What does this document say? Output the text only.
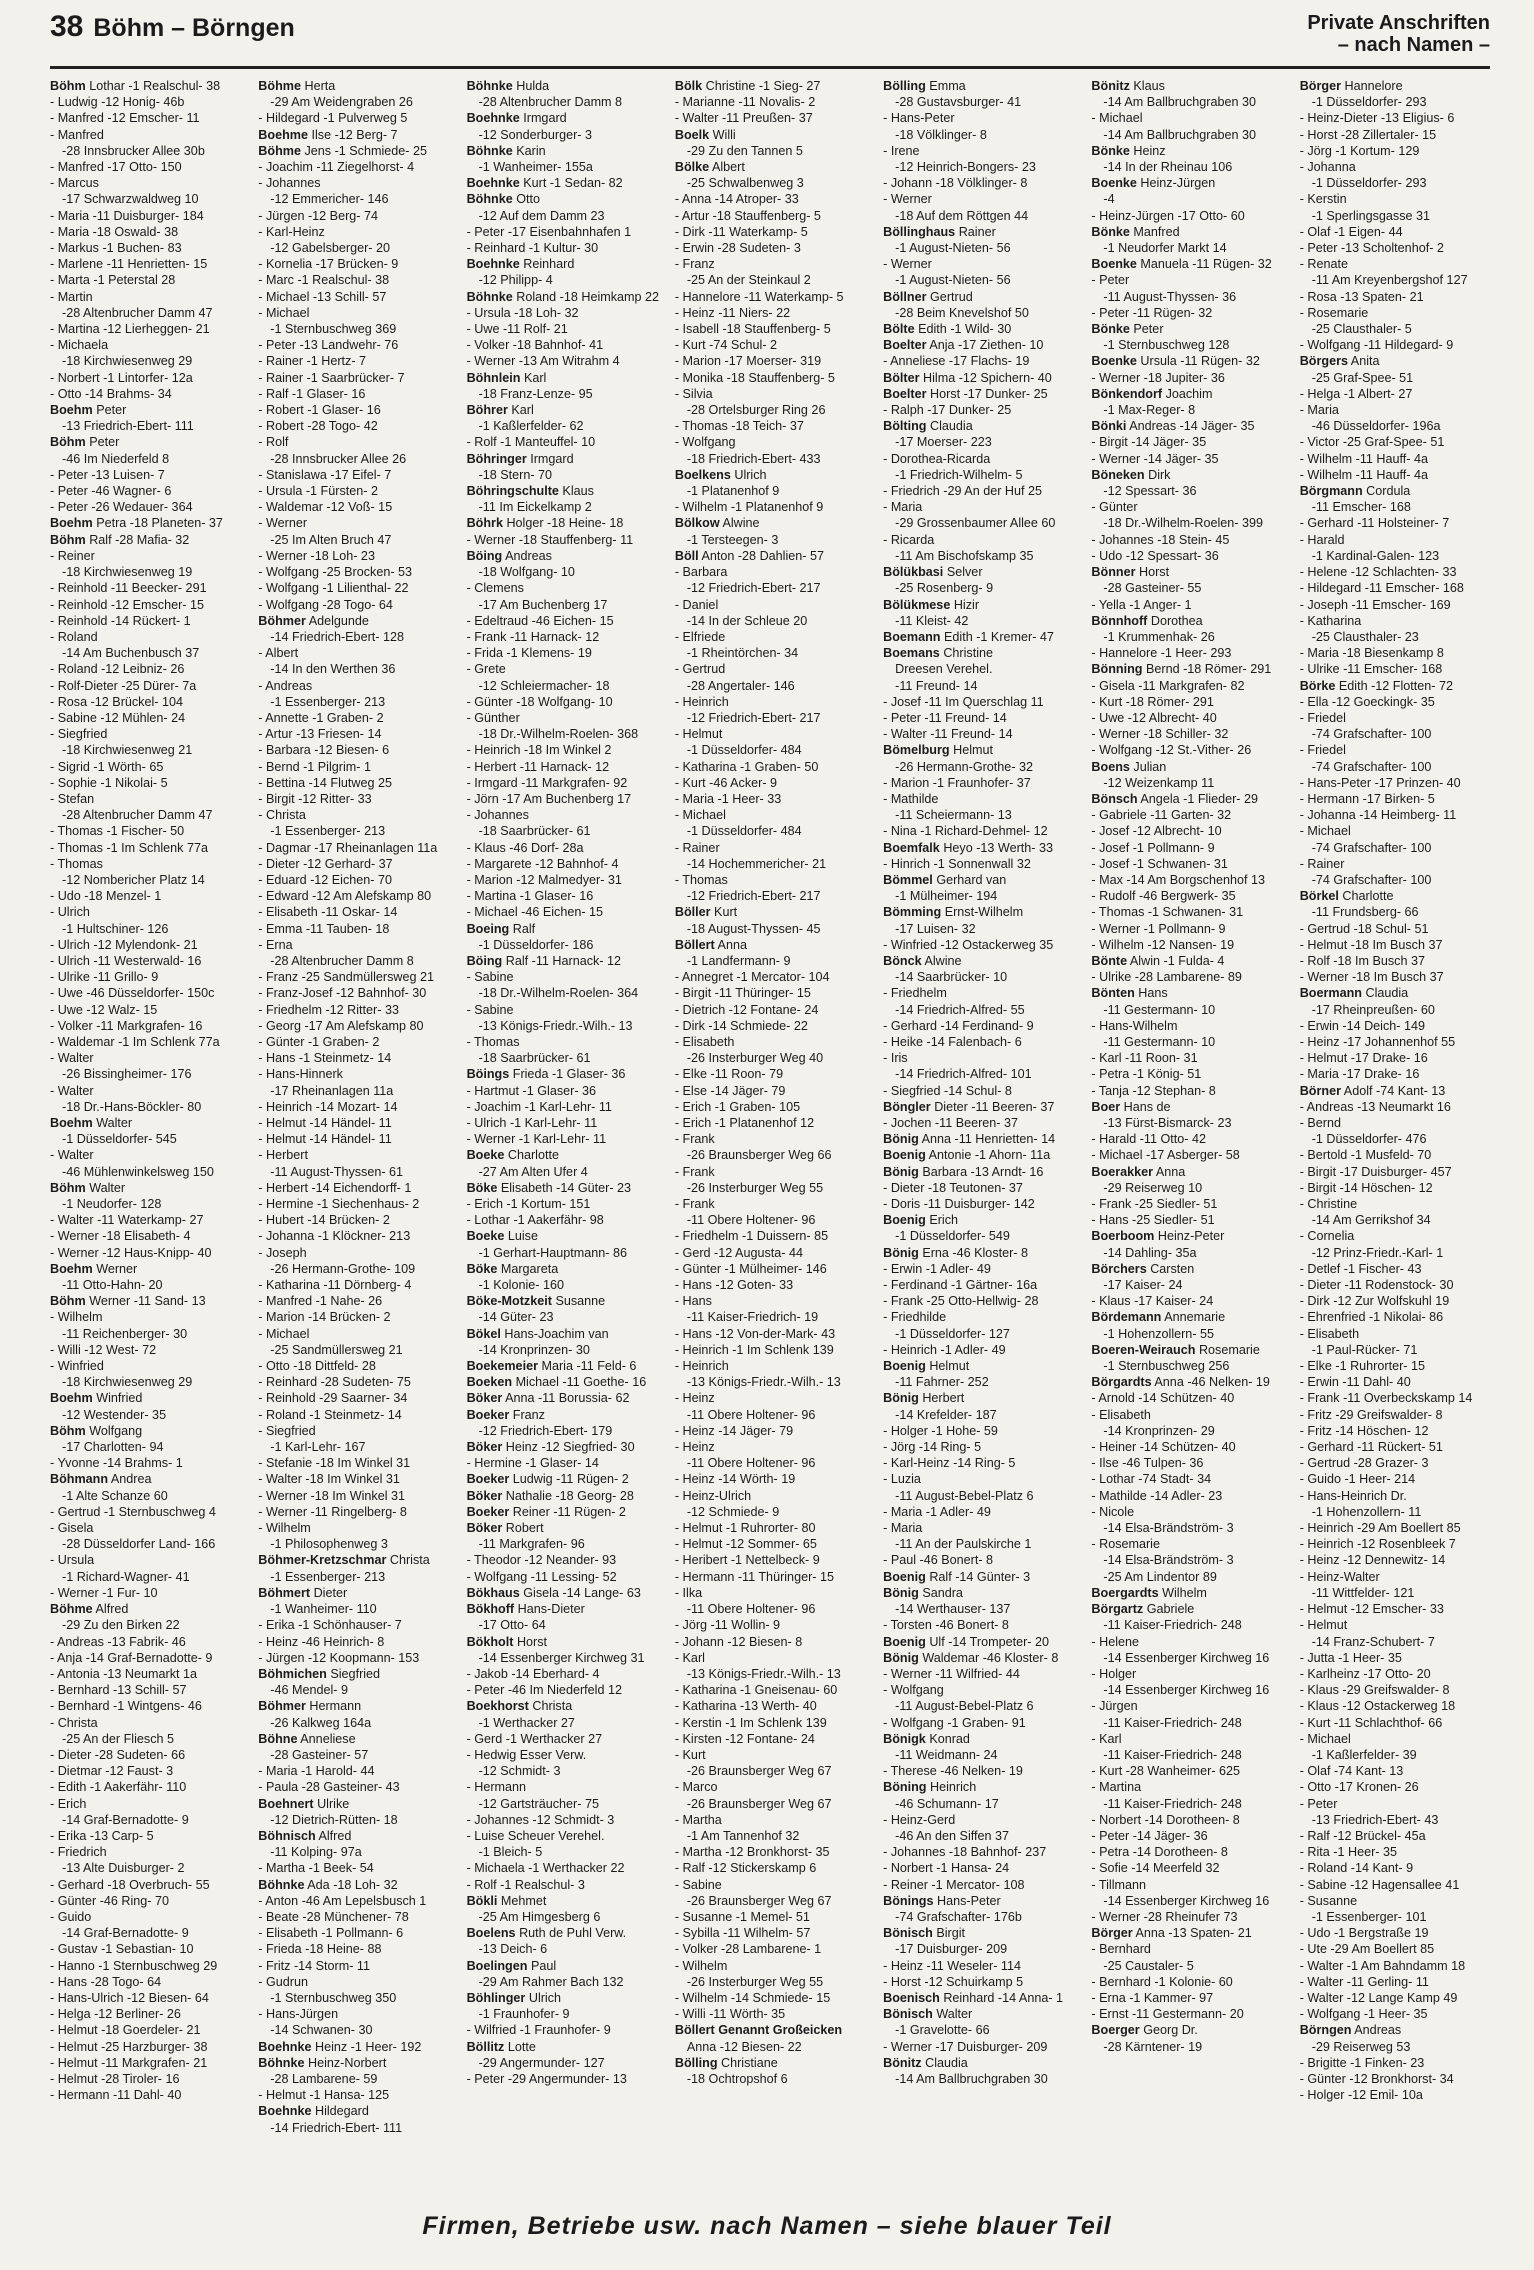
38 Böhm – Börngen	Private Anschriften
– nach Namen –
Böhm Lothar -1 Realschul- 38
- Ludwig -12 Honig- 46b
- Manfred -12 Emscher- 11
- Manfred
-28 Innsbrucker Allee 30b
- Manfred -17 Otto- 150
- Marcus
-17 Schwarzwaldweg 10
- Maria -11 Duisburger- 184
- Maria -18 Oswald- 38
- Markus -1 Buchen- 83
- Marlene -11 Henrietten- 15
- Marta -1 Peterstal 28
- Martin
-28 Altenbrucher Damm 47
- Martina -12 Lierheggen- 21
- Michaela
-18 Kirchwiesenweg 29
- Norbert -1 Lintorfer- 12a
- Otto -14 Brahms- 34
Boehm Peter
-13 Friedrich-Ebert- 111
Böhm Peter
-46 Im Niederfeld 8
- Peter -13 Luisen- 7
- Peter -46 Wagner- 6
- Peter -26 Wedauer- 364
Boehm Petra -18 Planeten- 37
Böhm Ralf -28 Mafia- 32
- Reiner
-18 Kirchwiesenweg 19
- Reinhold -11 Beecker- 291
- Reinhold -12 Emscher- 15
- Reinhold -14 Rückert- 1
- Roland
-14 Am Buchenbusch 37
- Roland -12 Leibniz- 26
- Rolf-Dieter -25 Dürer- 7a
- Rosa -12 Brückel- 104
- Sabine -12 Mühlen- 24
- Siegfried
-18 Kirchwiesenweg 21
- Sigrid -1 Wörth- 65
- Sophie -1 Nikolai- 5
- Stefan
-28 Altenbrucher Damm 47
- Thomas -1 Fischer- 50
- Thomas -1 Im Schlenk 77a
- Thomas
-12 Nombericher Platz 14
- Udo -18 Menzel- 1
- Ulrich
-1 Hultschiner- 126
- Ulrich -12 Mylendonk- 21
- Ulrich -11 Westerwald- 16
- Ulrike -11 Grillo- 9
- Uwe -46 Düsseldorfer- 150c
- Uwe -12 Walz- 15
- Volker -11 Markgrafen- 16
- Waldemar -1 Im Schlenk 77a
- Walter
-26 Bissingheimer- 176
- Walter
-18 Dr.-Hans-Böckler- 80
Boehm Walter
-1 Düsseldorfer- 545
- Walter
-46 Mühlenwinkelsweg 150
Böhm Walter
-1 Neudorfer- 128
- Walter -11 Waterkamp- 27
- Werner -18 Elisabeth- 4
- Werner -12 Haus-Knipp- 40
Boehm Werner
-11 Otto-Hahn- 20
Böhm Werner -11 Sand- 13
- Wilhelm
-11 Reichenberger- 30
- Willi -12 West- 72
- Winfried
-18 Kirchwiesenweg 29
Boehm Winfried
-12 Westender- 35
Böhm Wolfgang
-17 Charlotten- 94
- Yvonne -14 Brahms- 1
Böhmann Andrea
-1 Alte Schanze 60
- Gertrud -1 Sternbuschweg 4
- Gisela
-28 Düsseldorfer Land- 166
- Ursula
-1 Richard-Wagner- 41
- Werner -1 Fur- 10
Böhme Alfred
-29 Zu den Birken 22
- Andreas -13 Fabrik- 46
- Anja -14 Graf-Bernadotte- 9
- Antonia -13 Neumarkt 1a
- Bernhard -13 Schill- 57
- Bernhard -1 Wintgens- 46
- Christa
-25 An der Fliesch 5
- Dieter -28 Sudeten- 66
- Dietmar -12 Faust- 3
- Edith -1 Aakerfähr- 110
- Erich
-14 Graf-Bernadotte- 9
- Erika -13 Carp- 5
- Friedrich
-13 Alte Duisburger- 2
- Gerhard -18 Overbruch- 55
- Günter -46 Ring- 70
- Guido
-14 Graf-Bernadotte- 9
- Gustav -1 Sebastian- 10
- Hanno -1 Sternbuschweg 29
- Hans -28 Togo- 64
- Hans-Ulrich -12 Biesen- 64
- Helga -12 Berliner- 26
- Helmut -18 Goerdeler- 21
- Helmut -25 Harzburger- 38
- Helmut -11 Markgrafen- 21
- Helmut -28 Tiroler- 16
- Hermann -11 Dahl- 40
Böhme Herta
-29 Am Weidengraben 26
- Hildegard -1 Pulverweg 5
Boehme Ilse -12 Berg- 7
Böhme Jens -1 Schmiede- 25
- Joachim -11 Ziegelhorst- 4
- Johannes
-12 Emmericher- 146
- Jürgen -12 Berg- 74
- Karl-Heinz
-12 Gabelsberger- 20
- Kornelia -17 Brücken- 9
- Marc -1 Realschul- 38
- Michael -13 Schill- 57
- Michael
-1 Sternbuschweg 369
- Peter -13 Landwehr- 76
- Rainer -1 Hertz- 7
- Rainer -1 Saarbrücker- 7
- Ralf -1 Glaser- 16
- Robert -1 Glaser- 16
- Robert -28 Togo- 42
- Rolf
-28 Innsbrucker Allee 26
- Stanislawa -17 Eifel- 7
- Ursula -1 Fürsten- 2
- Waldemar -12 Voß- 15
- Werner
-25 Im Alten Bruch 47
- Werner -18 Loh- 23
- Wolfgang -25 Brocken- 53
- Wolfgang -1 Lilienthal- 22
- Wolfgang -28 Togo- 64
Böhmer Adelgunde
-14 Friedrich-Ebert- 128
- Albert
-14 In den Werthen 36
- Andreas
-1 Essenberger- 213
- Annette -1 Graben- 2
- Artur -13 Friesen- 14
- Barbara -12 Biesen- 6
- Bernd -1 Pilgrim- 1
- Bettina -14 Flutweg 25
- Birgit -12 Ritter- 33
- Christa
-1 Essenberger- 213
- Dagmar -17 Rheinanlagen 11a
- Dieter -12 Gerhard- 37
- Eduard -12 Eichen- 70
- Edward -12 Am Alefskamp 80
- Elisabeth -11 Oskar- 14
- Emma -11 Tauben- 18
- Erna
-28 Altenbrucher Damm 8
- Franz -25 Sandmüllersweg 21
- Franz-Josef -12 Bahnhof- 30
- Friedhelm -12 Ritter- 33
- Georg -17 Am Alefskamp 80
- Günter -1 Graben- 2
- Hans -1 Steinmetz- 14
- Hans-Hinnerk
-17 Rheinanlagen 11a
- Heinrich -14 Mozart- 14
- Helmut -14 Händel- 11
- Helmut -14 Händel- 11
- Herbert
-11 August-Thyssen- 61
- Herbert -14 Eichendorff- 1
- Hermine -1 Siechenhaus- 2
- Hubert -14 Brücken- 2
- Johanna -1 Klöckner- 213
- Joseph
-26 Hermann-Grothe- 109
- Katharina -11 Dörnberg- 4
- Manfred -1 Nahe- 26
- Marion -14 Brücken- 2
- Michael
-25 Sandmüllersweg 21
- Otto -18 Dittfeld- 28
- Reinhard -28 Sudeten- 75
- Reinhold -29 Saarner- 34
- Roland -1 Steinmetz- 14
- Siegfried
-1 Karl-Lehr- 167
- Stefanie -18 Im Winkel 31
- Walter -18 Im Winkel 31
- Werner -18 Im Winkel 31
- Werner -11 Ringelberg- 8
- Wilhelm
-1 Philosophenweg 3
Böhmer-Kretzschmar Christa
-1 Essenberger- 213
Böhmert Dieter
-1 Wanheimer- 110
- Erika -1 Schönhauser- 7
- Heinz -46 Heinrich- 8
- Jürgen -12 Koopmann- 153
Böhmichen Siegfried
-46 Mendel- 9
Böhmer Hermann
-26 Kalkweg 164a
Böhne Anneliese
-28 Gasteiner- 57
- Maria -1 Harold- 44
- Paula -28 Gasteiner- 43
Boehnert Ulrike
-12 Dietrich-Rütten- 18
Böhnisch Alfred
-11 Kolping- 97a
- Martha -1 Beek- 54
Böhnke Ada -18 Loh- 32
- Anton -46 Am Lepelsbusch 1
- Beate -28 Münchener- 78
- Elisabeth -1 Pollmann- 6
- Frieda -18 Heine- 88
- Fritz -14 Storm- 11
- Gudrun
-1 Sternbuschweg 350
- Hans-Jürgen
-14 Schwanen- 30
Boehnke Heinz -1 Heer- 192
Böhnke Heinz-Norbert
-28 Lambarene- 59
- Helmut -1 Hansa- 125
Boehnke Hildegard
-14 Friedrich-Ebert- 111
Böhnke Hulda
-28 Altenbrucher Damm 8
Boehnke Irmgard
-12 Sonderburger- 3
Böhnke Karin
-1 Wanheimer- 155a
Boehnke Kurt -1 Sedan- 82
Böhnke Otto
-12 Auf dem Damm 23
- Peter -17 Eisenbahnhafen 1
- Reinhard -1 Kultur- 30
Boehnke Reinhard
-12 Philipp- 4
Böhnke Roland -18 Heimkamp 22
- Ursula -18 Loh- 32
- Uwe -11 Rolf- 21
- Volker -18 Bahnhof- 41
- Werner -13 Am Witrahm 4
Böhnlein Karl
-18 Franz-Lenze- 95
Böhrer Karl
-1 Kaßlerfelder- 62
- Rolf -1 Manteuffel- 10
Böhringer Irmgard
-18 Stern- 70
Böhringschulte Klaus
-11 Im Eickelkamp 2
Böhrk Holger -18 Heine- 18
- Werner -18 Stauffenberg- 11
Böing Andreas
-18 Wolfgang- 10
- Clemens
-17 Am Buchenberg 17
- Edeltraud -46 Eichen- 15
- Frank -11 Harnack- 12
- Frida -1 Klemens- 19
- Grete
-12 Schleiermacher- 18
- Günter -18 Wolfgang- 10
- Günther
-18 Dr.-Wilhelm-Roelen- 368
- Heinrich -18 Im Winkel 2
- Herbert -11 Harnack- 12
- Irmgard -11 Markgrafen- 92
- Jörn -17 Am Buchenberg 17
- Johannes
-18 Saarbrücker- 61
- Klaus -46 Dorf- 28a
- Margarete -12 Bahnhof- 4
- Marion -12 Malmedyer- 31
- Martina -1 Glaser- 16
- Michael -46 Eichen- 15
Boeing Ralf
-1 Düsseldorfer- 186
Böing Ralf -11 Harnack- 12
- Sabine
-18 Dr.-Wilhelm-Roelen- 364
- Sabine
-13 Königs-Friedr.-Wilh.- 13
- Thomas
-18 Saarbrücker- 61
Böings Frieda -1 Glaser- 36
- Hartmut -1 Glaser- 36
- Joachim -1 Karl-Lehr- 11
- Ulrich -1 Karl-Lehr- 11
- Werner -1 Karl-Lehr- 11
Boeke Charlotte
-27 Am Alten Ufer 4
Böke Elisabeth -14 Güter- 23
- Erich -1 Kortum- 151
- Lothar -1 Aakerfähr- 98
Boeke Luise
-1 Gerhart-Hauptmann- 86
Böke Margareta
-1 Kolonie- 160
Böke-Motzkeit Susanne
-14 Güter- 23
Bökel Hans-Joachim van
-14 Kronprinzen- 30
Boekemeier Maria -11 Feld- 6
Boeken Michael -11 Goethe- 16
Böker Anna -11 Borussia- 62
Boeker Franz
-12 Friedrich-Ebert- 179
Böker Heinz -12 Siegfried- 30
- Hermine -1 Glaser- 14
Boeker Ludwig -11 Rügen- 2
Böker Nathalie -18 Georg- 28
Boeker Reiner -11 Rügen- 2
Böker Robert
-11 Markgrafen- 96
- Theodor -12 Neander- 93
- Wolfgang -11 Lessing- 52
Bökhaus Gisela -14 Lange- 63
Bökhoff Hans-Dieter
-17 Otto- 64
Bökholt Horst
-14 Essenberger Kirchweg 31
- Jakob -14 Eberhard- 4
- Peter -46 Im Niederfeld 12
Boekhorst Christa
-1 Werthacker 27
- Gerd -1 Werthacker 27
- Hedwig Esser Verw.
-12 Schmidt- 3
- Hermann
-12 Gartsträucher- 75
- Johannes -12 Schmidt- 3
- Luise Scheuer Verehel.
-1 Bleich- 5
- Michaela -1 Werthacker 22
- Rolf -1 Realschul- 3
Bökli Mehmet
-25 Am Himgesberg 6
Boelens Ruth de Puhl Verw.
-13 Deich- 6
Boelingen Paul
-29 Am Rahmer Bach 132
Böhlinger Ulrich
-1 Fraunhofer- 9
- Wilfried -1 Fraunhofer- 9
Böllitz Lotte
-29 Angermunder- 127
- Peter -29 Angermunder- 13
Bölk Christine -1 Sieg- 27
- Marianne -11 Novalis- 2
- Walter -11 Preußen- 37
Boelk Willi
-29 Zu den Tannen 5
Bölke Albert
-25 Schwalbenweg 3
- Anna -14 Atroper- 33
- Artur -18 Stauffenberg- 5
- Dirk -11 Waterkamp- 5
- Erwin -28 Sudeten- 3
- Franz
-25 An der Steinkaul 2
- Hannelore -11 Waterkamp- 5
- Heinz -11 Niers- 22
- Isabell -18 Stauffenberg- 5
- Kurt -74 Schul- 2
- Marion -17 Moerser- 319
- Monika -18 Stauffenberg- 5
- Silvia
-28 Ortelsburger Ring 26
- Thomas -18 Teich- 37
- Wolfgang
-18 Friedrich-Ebert- 433
Boelkens Ulrich
-1 Platanenhof 9
- Wilhelm -1 Platanenhof 9
Bölkow Alwine
-1 Tersteegen- 3
Böll Anton -28 Dahlien- 57
- Barbara
-12 Friedrich-Ebert- 217
- Daniel
-14 In der Schleue 20
- Elfriede
-1 Rheintörchen- 34
- Gertrud
-28 Angertaler- 146
- Heinrich
-12 Friedrich-Ebert- 217
- Helmut
-1 Düsseldorfer- 484
- Katharina -1 Graben- 50
- Kurt -46 Acker- 9
- Maria -1 Heer- 33
- Michael
-1 Düsseldorfer- 484
- Rainer
-14 Hochemmericher- 21
- Thomas
-12 Friedrich-Ebert- 217
Böller Kurt
-18 August-Thyssen- 45
Böllert Anna
-1 Landfermann- 9
- Annegret -1 Mercator- 104
- Birgit -11 Thüringer- 15
- Dietrich -12 Fontane- 24
- Dirk -14 Schmiede- 22
- Elisabeth
-26 Insterburger Weg 40
- Elke -11 Roon- 79
- Else -14 Jäger- 79
- Erich -1 Graben- 105
- Erich -1 Platanenhof 12
- Frank
-26 Braunsberger Weg 66
- Frank
-26 Insterburger Weg 55
- Frank
-11 Obere Holtener- 96
- Friedhelm -1 Duissern- 85
- Gerd -12 Augusta- 44
- Günter -1 Mülheimer- 146
- Hans -12 Goten- 33
- Hans
-11 Kaiser-Friedrich- 19
- Hans -12 Von-der-Mark- 43
- Heinrich -1 Im Schlenk 139
- Heinrich
-13 Königs-Friedr.-Wilh.- 13
- Heinz
-11 Obere Holtener- 96
- Heinz -14 Jäger- 79
- Heinz
-11 Obere Holtener- 96
- Heinz -14 Wörth- 19
- Heinz-Ulrich
-12 Schmiede- 9
- Helmut -1 Ruhrorter- 80
- Helmut -12 Sommer- 65
- Heribert -1 Nettelbeck- 9
- Hermann -11 Thüringer- 15
- Ilka
-11 Obere Holtener- 96
- Jörg -11 Wollin- 9
- Johann -12 Biesen- 8
- Karl
-13 Königs-Friedr.-Wilh.- 13
- Katharina -1 Gneisenau- 60
- Katharina -13 Werth- 40
- Kerstin -1 Im Schlenk 139
- Kirsten -12 Fontane- 24
- Kurt
-26 Braunsberger Weg 67
- Marco
-26 Braunsberger Weg 67
- Martha
-1 Am Tannenhof 32
- Martha -12 Bronkhorst- 35
- Ralf -12 Stickerskamp 6
- Sabine
-26 Braunsberger Weg 67
- Susanne -1 Memel- 51
- Sybilla -11 Wilhelm- 57
- Volker -28 Lambarene- 1
- Wilhelm
-26 Insterburger Weg 55
- Wilhelm -14 Schmiede- 15
- Willi -11 Wörth- 35
Böllert Genannt Großeicken
Anna -12 Biesen- 22
Bölling Christiane
-18 Ochtropshof 6
Bölling Emma
-28 Gustavsburger- 41
- Hans-Peter
-18 Völklinger- 8
- Irene
-12 Heinrich-Bongers- 23
- Johann -18 Völklinger- 8
- Werner
-18 Auf dem Röttgen 44
Böllinghaus Rainer
-1 August-Nieten- 56
- Werner
-1 August-Nieten- 56
Böllner Gertrud
-28 Beim Knevelshof 50
Bölte Edith -1 Wild- 30
Boelter Anja -17 Ziethen- 10
- Anneliese -17 Flachs- 19
Bölter Hilma -12 Spichern- 40
Boelter Horst -17 Dunker- 25
- Ralph -17 Dunker- 25
Bölting Claudia
-17 Moerser- 223
- Dorothea-Ricarda
-1 Friedrich-Wilhelm- 5
- Friedrich -29 An der Huf 25
- Maria
-29 Grossenbaumer Allee 60
- Ricarda
-11 Am Bischofskamp 35
Bölükbasi Selver
-25 Rosenberg- 9
Bölükmese Hizir
-11 Kleist- 42
Boemann Edith -1 Kremer- 47
Boemans Christine
Dreesen Verehel.
-11 Freund- 14
- Josef -11 Im Querschlag 11
- Peter -11 Freund- 14
- Walter -11 Freund- 14
Bömelburg Helmut
-26 Hermann-Grothe- 32
- Marion -1 Fraunhofer- 37
- Mathilde
-11 Scheiermann- 13
- Nina -1 Richard-Dehmel- 12
Boemfalk Heyo -13 Werth- 33
- Hinrich -1 Sonnenwall 32
Bömmel Gerhard van
-1 Mülheimer- 194
Bömming Ernst-Wilhelm
-17 Luisen- 32
- Winfried -12 Ostackerweg 35
Bönck Alwine
-14 Saarbrücker- 10
- Friedhelm
-14 Friedrich-Alfred- 55
- Gerhard -14 Ferdinand- 9
- Heike -14 Falenbach- 6
- Iris
-14 Friedrich-Alfred- 101
- Siegfried -14 Schul- 8
Böngler Dieter -11 Beeren- 37
- Jochen -11 Beeren- 37
Bönig Anna -11 Henrietten- 14
Boenig Antonie -1 Ahorn- 11a
Bönig Barbara -13 Arndt- 16
- Dieter -18 Teutonen- 37
- Doris -11 Duisburger- 142
Boenig Erich
-1 Düsseldorfer- 549
Bönig Erna -46 Kloster- 8
- Erwin -1 Adler- 49
- Ferdinand -1 Gärtner- 16a
- Frank -25 Otto-Hellwig- 28
- Friedhilde
-1 Düsseldorfer- 127
- Heinrich -1 Adler- 49
Boenig Helmut
-11 Fahrner- 252
Bönig Herbert
-14 Krefelder- 187
- Holger -1 Hohe- 59
- Jörg -14 Ring- 5
- Karl-Heinz -14 Ring- 5
- Luzia
-11 August-Bebel-Platz 6
- Maria -1 Adler- 49
- Maria
-11 An der Paulskirche 1
- Paul -46 Bonert- 8
Boenig Ralf -14 Günter- 3
Bönig Sandra
-14 Werthauser- 137
- Torsten -46 Bonert- 8
Boenig Ulf -14 Trompeter- 20
Bönig Waldemar -46 Kloster- 8
- Werner -11 Wilfried- 44
- Wolfgang
-11 August-Bebel-Platz 6
- Wolfgang -1 Graben- 91
Bönigk Konrad
-11 Weidmann- 24
- Therese -46 Nelken- 19
Böning Heinrich
-46 Schumann- 17
- Heinz-Gerd
-46 An den Siffen 37
- Johannes -18 Bahnhof- 237
- Norbert -1 Hansa- 24
- Reiner -1 Mercator- 108
Bönings Hans-Peter
-74 Grafschafter- 176b
Bönisch Birgit
-17 Duisburger- 209
- Heinz -11 Weseler- 114
- Horst -12 Schuirkamp 5
Boenisch Reinhard -14 Anna- 1
Bönisch Walter
-1 Gravelotte- 66
- Werner -17 Duisburger- 209
Bönitz Claudia
-14 Am Ballbruchgraben 30
Bönitz Klaus
-14 Am Ballbruchgraben 30
- Michael
-14 Am Ballbruchgraben 30
Bönke Heinz
-14 In der Rheinau 106
Boenke Heinz-Jürgen
-4
- Heinz-Jürgen -17 Otto- 60
Bönke Manfred
-1 Neudorfer Markt 14
Boenke Manuela -11 Rügen- 32
- Peter
-11 August-Thyssen- 36
- Peter -11 Rügen- 32
Bönke Peter
-1 Sternbuschweg 128
Boenke Ursula -11 Rügen- 32
- Werner -18 Jupiter- 36
Bönkendorf Joachim
-1 Max-Reger- 8
Bönki Andreas -14 Jäger- 35
- Birgit -14 Jäger- 35
- Werner -14 Jäger- 35
Böneken Dirk
-12 Spessart- 36
- Günter
-18 Dr.-Wilhelm-Roelen- 399
- Johannes -18 Stein- 45
- Udo -12 Spessart- 36
Bönner Horst
-28 Gasteiner- 55
- Yella -1 Anger- 1
Bönnhoff Dorothea
-1 Krummenhak- 26
- Hannelore -1 Heer- 293
Bönning Bernd -18 Römer- 291
- Gisela -11 Markgrafen- 82
- Kurt -18 Römer- 291
- Uwe -12 Albrecht- 40
- Werner -18 Schiller- 32
- Wolfgang -12 St.-Vither- 26
Boens Julian
-12 Weizenkamp 11
Bönsch Angela -1 Flieder- 29
- Gabriele -11 Garten- 32
- Josef -12 Albrecht- 10
- Josef -1 Pollmann- 9
- Josef -1 Schwanen- 31
- Max -14 Am Borgschenhof 13
- Rudolf -46 Bergwerk- 35
- Thomas -1 Schwanen- 31
- Werner -1 Pollmann- 9
- Wilhelm -12 Nansen- 19
Bönte Alwin -1 Fulda- 4
- Ulrike -28 Lambarene- 89
Bönten Hans
-11 Gestermann- 10
- Hans-Wilhelm
-11 Gestermann- 10
- Karl -11 Roon- 31
- Petra -1 König- 51
- Tanja -12 Stephan- 8
Boer Hans de
-13 Fürst-Bismarck- 23
- Harald -11 Otto- 42
- Michael -17 Asberger- 58
Boerakker Anna
-29 Reiserweg 10
- Frank -25 Siedler- 51
- Hans -25 Siedler- 51
Boerboom Heinz-Peter
-14 Dahling- 35a
Börchers Carsten
-17 Kaiser- 24
- Klaus -17 Kaiser- 24
Bördemann Annemarie
-1 Hohenzollern- 55
Boeren-Weirauch Rosemarie
-1 Sternbuschweg 256
Börgardts Anna -46 Nelken- 19
- Arnold -14 Schützen- 40
- Elisabeth
-14 Kronprinzen- 29
- Heiner -14 Schützen- 40
- Ilse -46 Tulpen- 36
- Lothar -74 Stadt- 34
- Mathilde -14 Adler- 23
- Nicole
-14 Elsa-Brändström- 3
- Rosemarie
-14 Elsa-Brändström- 3
-25 Am Lindentor 89
Boergardts Wilhelm
Börgartz Gabriele
-11 Kaiser-Friedrich- 248
- Helene
-14 Essenberger Kirchweg 16
- Holger
-14 Essenberger Kirchweg 16
- Jürgen
-11 Kaiser-Friedrich- 248
- Karl
-11 Kaiser-Friedrich- 248
- Kurt -28 Wanheimer- 625
- Martina
-11 Kaiser-Friedrich- 248
- Norbert -14 Dorotheen- 8
- Peter -14 Jäger- 36
- Petra -14 Dorotheen- 8
- Sofie -14 Meerfeld 32
- Tillmann
-14 Essenberger Kirchweg 16
- Werner -28 Rheinufer 73
Börger Anna -13 Spaten- 21
- Bernhard
-25 Caustaler- 5
- Bernhard -1 Kolonie- 60
- Erna -1 Kammer- 97
- Ernst -11 Gestermann- 20
Boerger Georg Dr.
-28 Kärntener- 19
Börger Hannelore
-1 Düsseldorfer- 293
- Heinz-Dieter -13 Eligius- 6
- Horst -28 Zillertaler- 15
- Jörg -1 Kortum- 129
- Johanna
-1 Düsseldorfer- 293
- Kerstin
-1 Sperlingsgasse 31
- Olaf -1 Eigen- 44
- Peter -13 Scholtenhof- 2
- Renate
-11 Am Kreyenbergshof 127
- Rosa -13 Spaten- 21
- Rosemarie
-25 Clausthaler- 5
- Wolfgang -11 Hildegard- 9
Börgers Anita
-25 Graf-Spee- 51
- Helga -1 Albert- 27
- Maria
-46 Düsseldorfer- 196a
- Victor -25 Graf-Spee- 51
- Wilhelm -11 Hauff- 4a
- Wilhelm -11 Hauff- 4a
Börgmann Cordula
-11 Emscher- 168
- Gerhard -11 Holsteiner- 7
- Harald
-1 Kardinal-Galen- 123
- Helene -12 Schlachten- 33
- Hildegard -11 Emscher- 168
- Joseph -11 Emscher- 169
- Katharina
-25 Clausthaler- 23
- Maria -18 Biesenkamp 8
- Ulrike -11 Emscher- 168
Börke Edith -12 Flotten- 72
- Ella -12 Goeckingk- 35
- Friedel
-74 Grafschafter- 100
- Friedel
-74 Grafschafter- 100
- Hans-Peter -17 Prinzen- 40
- Hermann -17 Birken- 5
- Johanna -14 Heimberg- 11
- Michael
-74 Grafschafter- 100
- Rainer
-74 Grafschafter- 100
Börkel Charlotte
-11 Frundsberg- 66
- Gertrud -18 Schul- 51
- Helmut -18 Im Busch 37
- Rolf -18 Im Busch 37
- Werner -18 Im Busch 37
Boermann Claudia
-17 Rheinpreußen- 60
- Erwin -14 Deich- 149
- Heinz -17 Johannenhof 55
- Helmut -17 Drake- 16
- Maria -17 Drake- 16
Börner Adolf -74 Kant- 13
- Andreas -13 Neumarkt 16
- Bernd
-1 Düsseldorfer- 476
- Bertold -1 Musfeld- 70
- Birgit -17 Duisburger- 457
- Birgit -14 Höschen- 12
- Christine
-14 Am Gerrikshof 34
- Cornelia
-12 Prinz-Friedr.-Karl- 1
- Detlef -1 Fischer- 43
- Dieter -11 Rodenstock- 30
- Dirk -12 Zur Wolfskuhl 19
- Ehrenfried -1 Nikolai- 86
- Elisabeth
-1 Paul-Rücker- 71
- Elke -1 Ruhrorter- 15
- Erwin -11 Dahl- 40
- Frank -11 Overbeckskamp 14
- Fritz -29 Greifswalder- 8
- Fritz -14 Höschen- 12
- Gerhard -11 Rückert- 51
- Gertrud -28 Grazer- 3
- Guido -1 Heer- 214
- Hans-Heinrich Dr.
-1 Hohenzollern- 11
- Heinrich -29 Am Boellert 85
- Heinrich -12 Rosenbleek 7
- Heinz -12 Dennewitz- 14
- Heinz-Walter
-11 Wittfelder- 121
- Helmut -12 Emscher- 33
- Helmut
-14 Franz-Schubert- 7
- Jutta -1 Heer- 35
- Karlheinz -17 Otto- 20
- Klaus -29 Greifswalder- 8
- Klaus -12 Ostackerweg 18
- Kurt -11 Schlachthof- 66
- Michael
-1 Kaßlerfelder- 39
- Olaf -74 Kant- 13
- Otto -17 Kronen- 26
- Peter
-13 Friedrich-Ebert- 43
- Ralf -12 Brückel- 45a
- Rita -1 Heer- 35
- Roland -14 Kant- 9
- Sabine -12 Hagensallee 41
- Susanne
-1 Essenberger- 101
- Udo -1 Bergstraße 19
- Ute -29 Am Boellert 85
- Walter -1 Am Bahndamm 18
- Walter -11 Gerling- 11
- Walter -12 Lange Kamp 49
- Wolfgang -1 Heer- 35
Börngen Andreas
-29 Reiserweg 53
- Brigitte -1 Finken- 23
- Günter -12 Bronkhorst- 34
- Holger -12 Emil- 10a
Firmen, Betriebe usw. nach Namen – siehe blauer Teil
